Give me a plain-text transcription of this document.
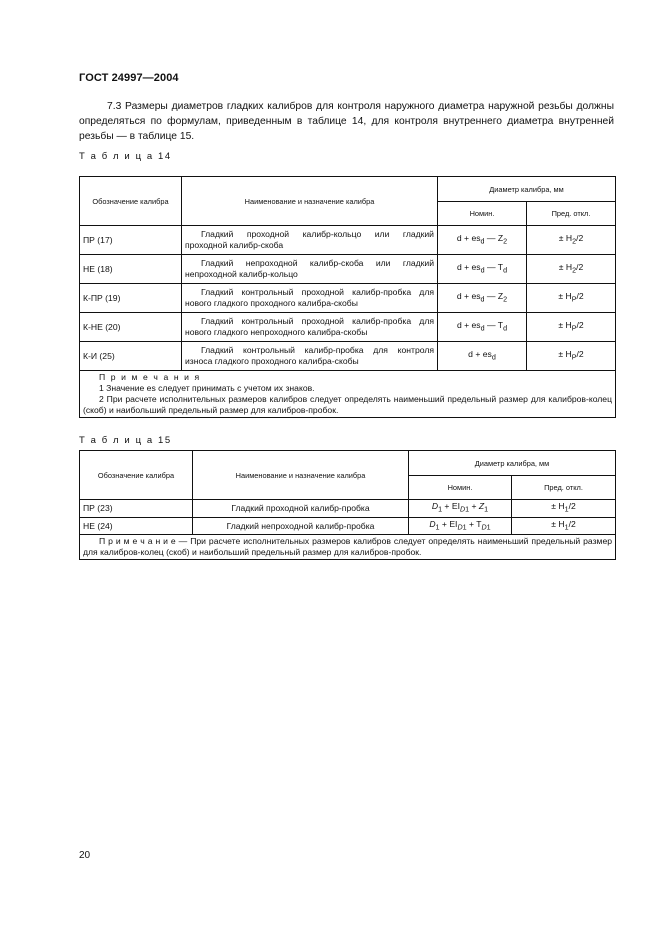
ГОСТ 24997—2004

7.3 Размеры диаметров гладких калибров для контроля наружного диаметра наружной резьбы должны определяться по формулам, приведенным в таблице 14, для контроля внутреннего диаметра внутренней резьбы — в таблице 15.

Т а б л и ц а 14
Обозначение калибра	Наименование и назначение калибра	Диаметр калибра, мм	
		Номин.	Пред. откл.
ПР (17)	Гладкий проходной калибр-кольцо или гладкий проходной калибр-скоба	$d + es_d$ — $Z_2$	± $H_2/2$
НЕ (18)	Гладкий непроходной калибр-скоба или гладкий непроходной калибр-кольцо	$d + es_d$ — $T_d$	± $H_2/2$
К-ПР (19)	Гладкий контрольный проходной калибр-пробка для нового гладкого проходного калибра-скобы	$d + es_d$ — $Z_2$	± $H_P/2$
К-НЕ (20)	Гладкий контрольный проходной калибр-пробка для нового гладкого непроходного калибра-скобы	$d + es_d$ — $T_d$	± $H_P/2$
К-И (25)	Гладкий контрольный калибр-пробка для контроля износа гладкого проходного калибра-скобы	$d + es_d$	± $H_P/2$

П р и м е ч а н и я
1 Значение es следует принимать с учетом их знаков.
2 При расчете исполнительных размеров калибров следует определять наименьший предельный размер для калибров-колец (скоб) и наибольший предельный размер для калибров-пробок.			
Т а б л и ц а 15
Обозначение калибра	Наименование и назначение калибра	Диаметр калибра, мм	
		Номин.	Пред. откл.
ПР (23)	Гладкий проходной калибр-пробка	$D_1 + EI_{D1} + Z_1$	± $H_1/2$
НЕ (24)	Гладкий непроходной калибр-пробка	$D_1 + EI_{D1} + T_{D1}$	± $H_1/2$

П р и м е ч а н и е — При расчете исполнительных размеров калибров следует определять наименьший предельный размер для калибров-колец (скоб) и наибольший предельный размер для калибров-пробок.			
20
